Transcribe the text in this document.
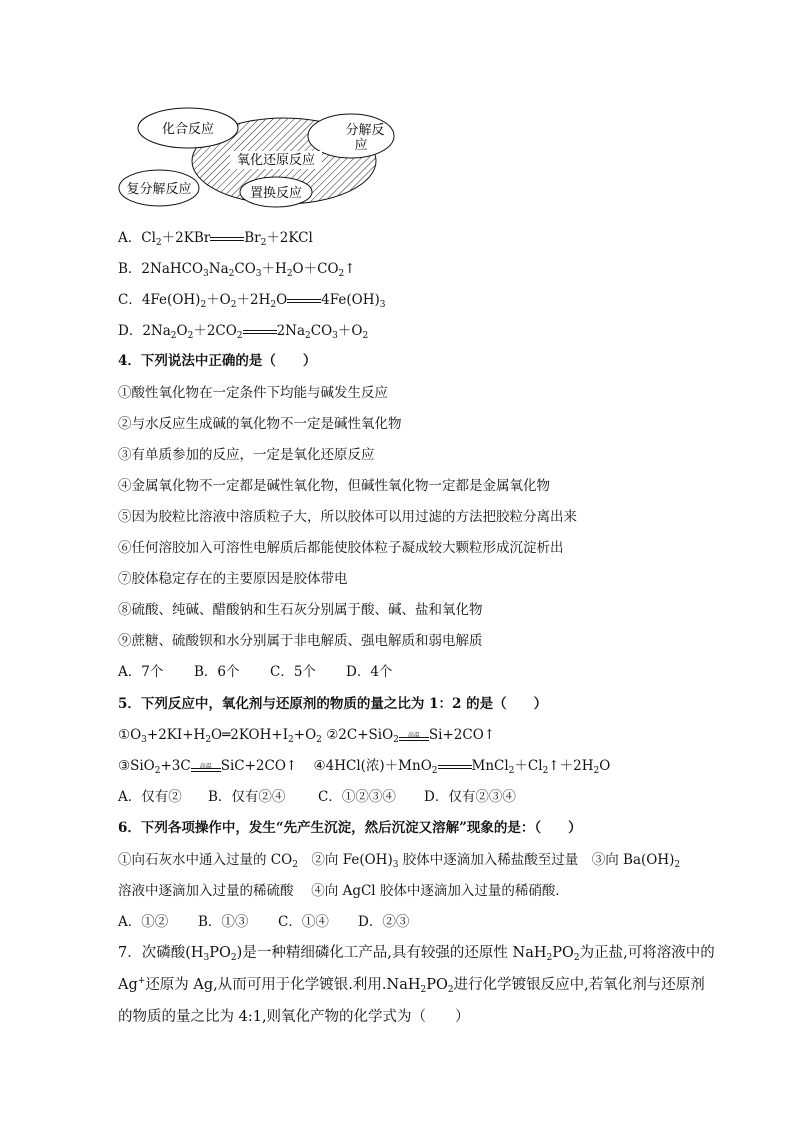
化合反应	分解反
应
氧化还原反应
复分解反应	置换反应
A．$Cl_2+2KBr$	$Br_2+2KCl$
B．$2NaHCO_3Na_2CO_3+H_2O+CO_2↑$
C．$4Fe(OH)_2+O_2+2H_2O$	$4Fe(OH)_3$
D．$2Na_2O_2+2CO_2$	$2Na_2CO_3+O_2$
4．下列说法中正确的是（　　）
①酸性氧化物在一定条件下均能与碱发生反应
②与水反应生成碱的氧化物不一定是碱性氧化物
③有单质参加的反应，一定是氧化还原反应
④金属氧化物不一定都是碱性氧化物，但碱性氧化物一定都是金属氧化物
⑤因为胶粒比溶液中溶质粒子大，所以胶体可以用过滤的方法把胶粒分离出来
⑥任何溶胶加入可溶性电解质后都能使胶体粒子凝成较大颗粒形成沉淀析出
⑦胶体稳定存在的主要原因是胶体带电
⑧硫酸、纯碱、醋酸钠和生石灰分别属于酸、碱、盐和氧化物
⑨蔗糖、硫酸钡和水分别属于非电解质、强电解质和弱电解质
A．7个 B．6个 C．5个 D．4个
5．下列反应中，氧化剂与还原剂的物质的量之比为 1：2 的是（　　）
$①O_3+2KI+H_2O═2KOH+I_2+O_2$ ②2C+SiO$_2$	高温 Si+2CO↑
③SiO$_2$+3C	高温 SiC+2CO↑ ④4HCl(浓)＋MnO$_2$	$MnCl_2+Cl_2↑+2H_2O$
A．仅有② B．仅有②④ C．①②③④ D．仅有②③④
6．下列各项操作中，发生“先产生沉淀，然后沉淀又溶解”现象的是：（　　）
①向石灰水中通入过量的 $CO_2$　②向 $Fe(OH)_3$ 胶体中逐滴加入稀盐酸至过量　③向 $Ba(OH)_2$
溶液中逐滴加入过量的稀硫酸　 ④向 AgCl 胶体中逐滴加入过量的稀硝酸．
A．①② B．①③ C．①④ D．②③
7．次磷酸$(H_3PO_2)$是一种精细磷化工产品,具有较强的还原性 $NaH_2PO_2$为正盐,可将溶液中的
Ag+还原为 Ag,从而可用于化学镀银.利用$.NaH_2PO_2$进行化学镀银反应中,若氧化剂与还原剂
的物质的量之比为 4:1,则氧化产物的化学式为（　　）
